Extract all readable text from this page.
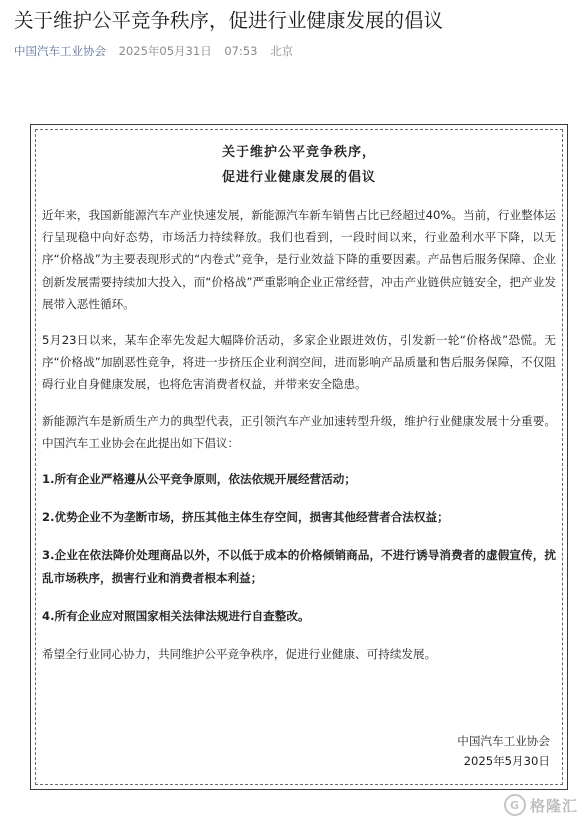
关于维护公平竞争秩序，促进行业健康发展的倡议
中国汽车工业协会 2025年05月31日 07:53 北京
关于维护公平竞争秩序，
促进行业健康发展的倡议

近年来，我国新能源汽车产业快速发展，新能源汽车新车销售占比已经超过40%。当前，行业整体运行呈现稳中向好态势，市场活力持续释放。我们也看到，一段时间以来，行业盈利水平下降，以无序“价格战”为主要表现形式的“内卷式”竞争，是行业效益下降的重要因素。产品售后服务保障、企业创新发展需要持续加大投入，而“价格战”严重影响企业正常经营，冲击产业链供应链安全，把产业发展带入恶性循环。

5月23日以来，某车企率先发起大幅降价活动，多家企业跟进效仿，引发新一轮“价格战”恐慌。无序“价格战”加剧恶性竞争，将进一步挤压企业利润空间，进而影响产品质量和售后服务保障，不仅阻碍行业自身健康发展，也将危害消费者权益，并带来安全隐患。

新能源汽车是新质生产力的典型代表，正引领汽车产业加速转型升级，维护行业健康发展十分重要。中国汽车工业协会在此提出如下倡议：

1.所有企业严格遵从公平竞争原则，依法依规开展经营活动；

2.优势企业不为垄断市场，挤压其他主体生存空间，损害其他经营者合法权益；

3.企业在依法降价处理商品以外，不以低于成本的价格倾销商品，不进行诱导消费者的虚假宣传，扰乱市场秩序，损害行业和消费者根本利益；

4.所有企业应对照国家相关法律法规进行自查整改。

希望全行业同心协力，共同维护公平竞争秩序，促进行业健康、可持续发展。

中国汽车工业协会
2025年5月30日
G 格隆汇
